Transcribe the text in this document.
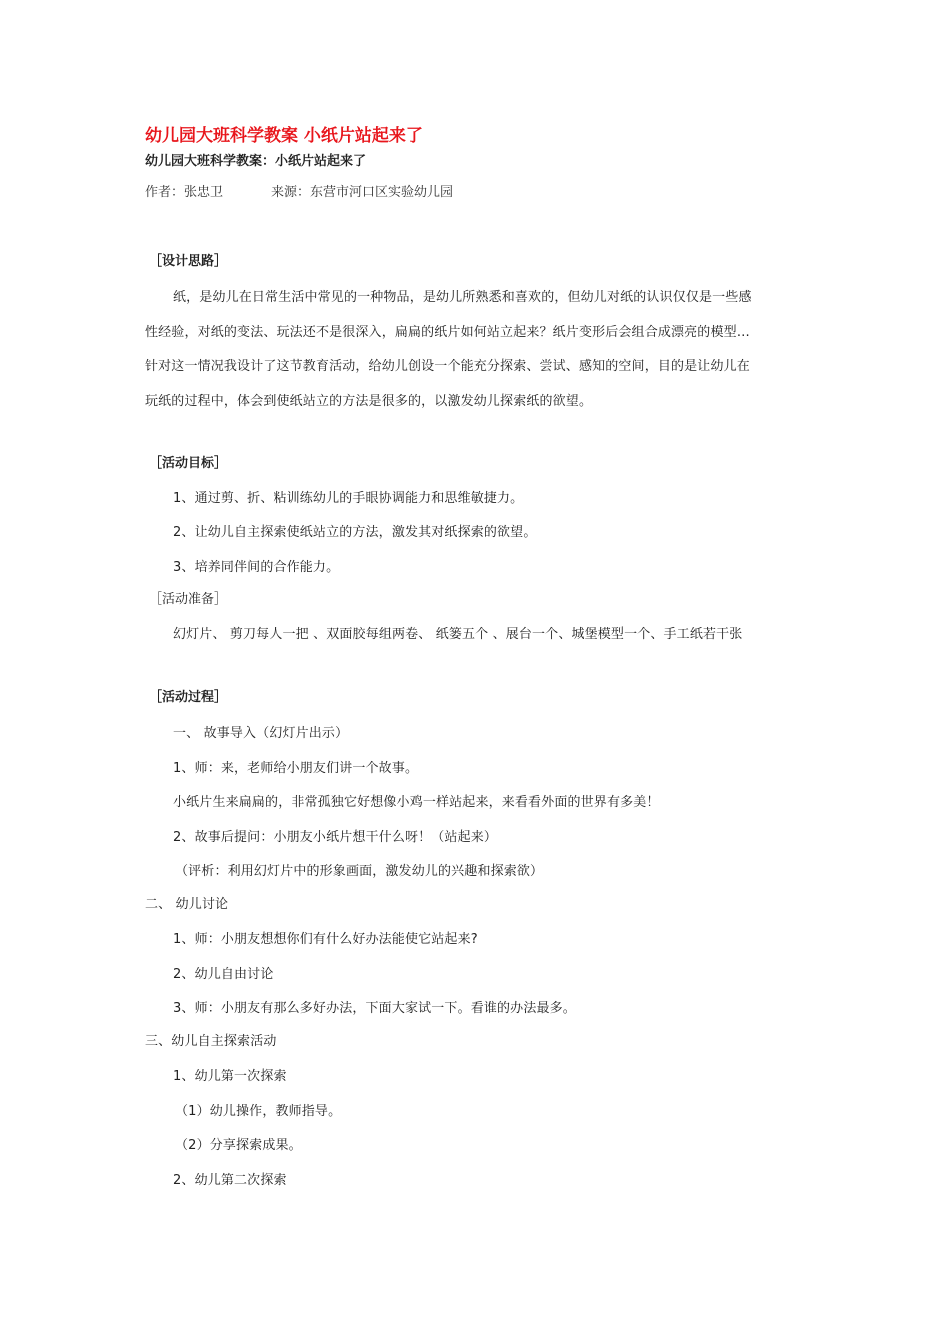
幼儿园大班科学教案 小纸片站起来了
幼儿园大班科学教案：小纸片站起来了
作者：张忠卫	来源：东营市河口区实验幼儿园
［设计思路］
纸，是幼儿在日常生活中常见的一种物品，是幼儿所熟悉和喜欢的，但幼儿对纸的认识仅仅是一些感
性经验，对纸的变法、玩法还不是很深入，扁扁的纸片如何站立起来？纸片变形后会组合成漂亮的模型…
针对这一情况我设计了这节教育活动，给幼儿创设一个能充分探索、尝试、感知的空间，目的是让幼儿在
玩纸的过程中，体会到使纸站立的方法是很多的，以激发幼儿探索纸的欲望。
［活动目标］
1、通过剪、折、粘训练幼儿的手眼协调能力和思维敏捷力。
2、让幼儿自主探索使纸站立的方法，激发其对纸探索的欲望。
3、培养同伴间的合作能力。
［活动准备］
幻灯片、 剪刀每人一把 、双面胶每组两卷、 纸篓五个 、展台一个、城堡模型一个、手工纸若干张
［活动过程］
一、 故事导入（幻灯片出示）
1、师：来，老师给小朋友们讲一个故事。
小纸片生来扁扁的，非常孤独它好想像小鸡一样站起来，来看看外面的世界有多美！
2、故事后提问：小朋友小纸片想干什么呀！（站起来）
（评析：利用幻灯片中的形象画面，激发幼儿的兴趣和探索欲）
二、 幼儿讨论
1、师：小朋友想想你们有什么好办法能使它站起来?
2、幼儿自由讨论
3、师：小朋友有那么多好办法，下面大家试一下。看谁的办法最多。
三、幼儿自主探索活动
1、幼儿第一次探索
（1）幼儿操作，教师指导。
（2）分享探索成果。
2、幼儿第二次探索
